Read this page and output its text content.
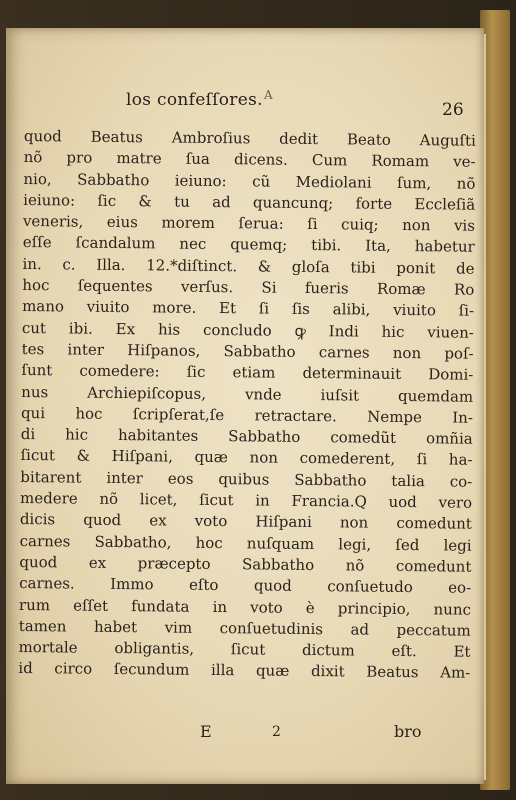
los confeſſores. A
26
quod Beatus Ambroſius dedit Beato Auguſti
nõ pro matre ſua dicens. Cum Romam ve-
nio, Sabbatho ieiuno: cũ Mediolani ſum, nõ
ieiuno: ſic & tu ad quancunq; forte Eccleſiã
veneris, eius morem ſerua: ſi cuiq; non vis
eſſe ſcandalum nec quemq; tibi. Ita, habetur
in. c. Illa. 12.*diſtinct. & gloſa tibi ponit de
hoc ſequentes verſus. Si fueris Romæ Ro
mano viuito more. Et ſi ſis alibi, viuito ſi-
cut ibi. Ex his concludo ꝙ Indi hic viuen-
tes inter Hiſpanos, Sabbatho carnes non poſ-
ſunt comedere: ſic etiam determinauit Domi-
nus Archiepiſcopus, vnde iuſsit quemdam
qui hoc ſcripſerat,ſe retractare. Nempe In-
di hic habitantes Sabbatho comedũt omñia
ſicut & Hiſpani, quæ non comederent, ſi ha-
bitarent inter eos quibus Sabbatho talia co-
medere nõ licet, ſicut in Francia.Q uod vero
dicis quod ex voto Hiſpani non comedunt
carnes Sabbatho, hoc nuſquam legi, ſed legi
quod ex præcepto Sabbatho nõ comedunt
carnes. Immo eſto quod conſuetudo eo-
rum eſſet fundata in voto è principio, nunc
tamen habet vim conſuetudinis ad peccatum
mortale obligantis, ſicut dictum eſt. Et
id circo ſecundum illa quæ dixit Beatus Am-
E	2	bro
